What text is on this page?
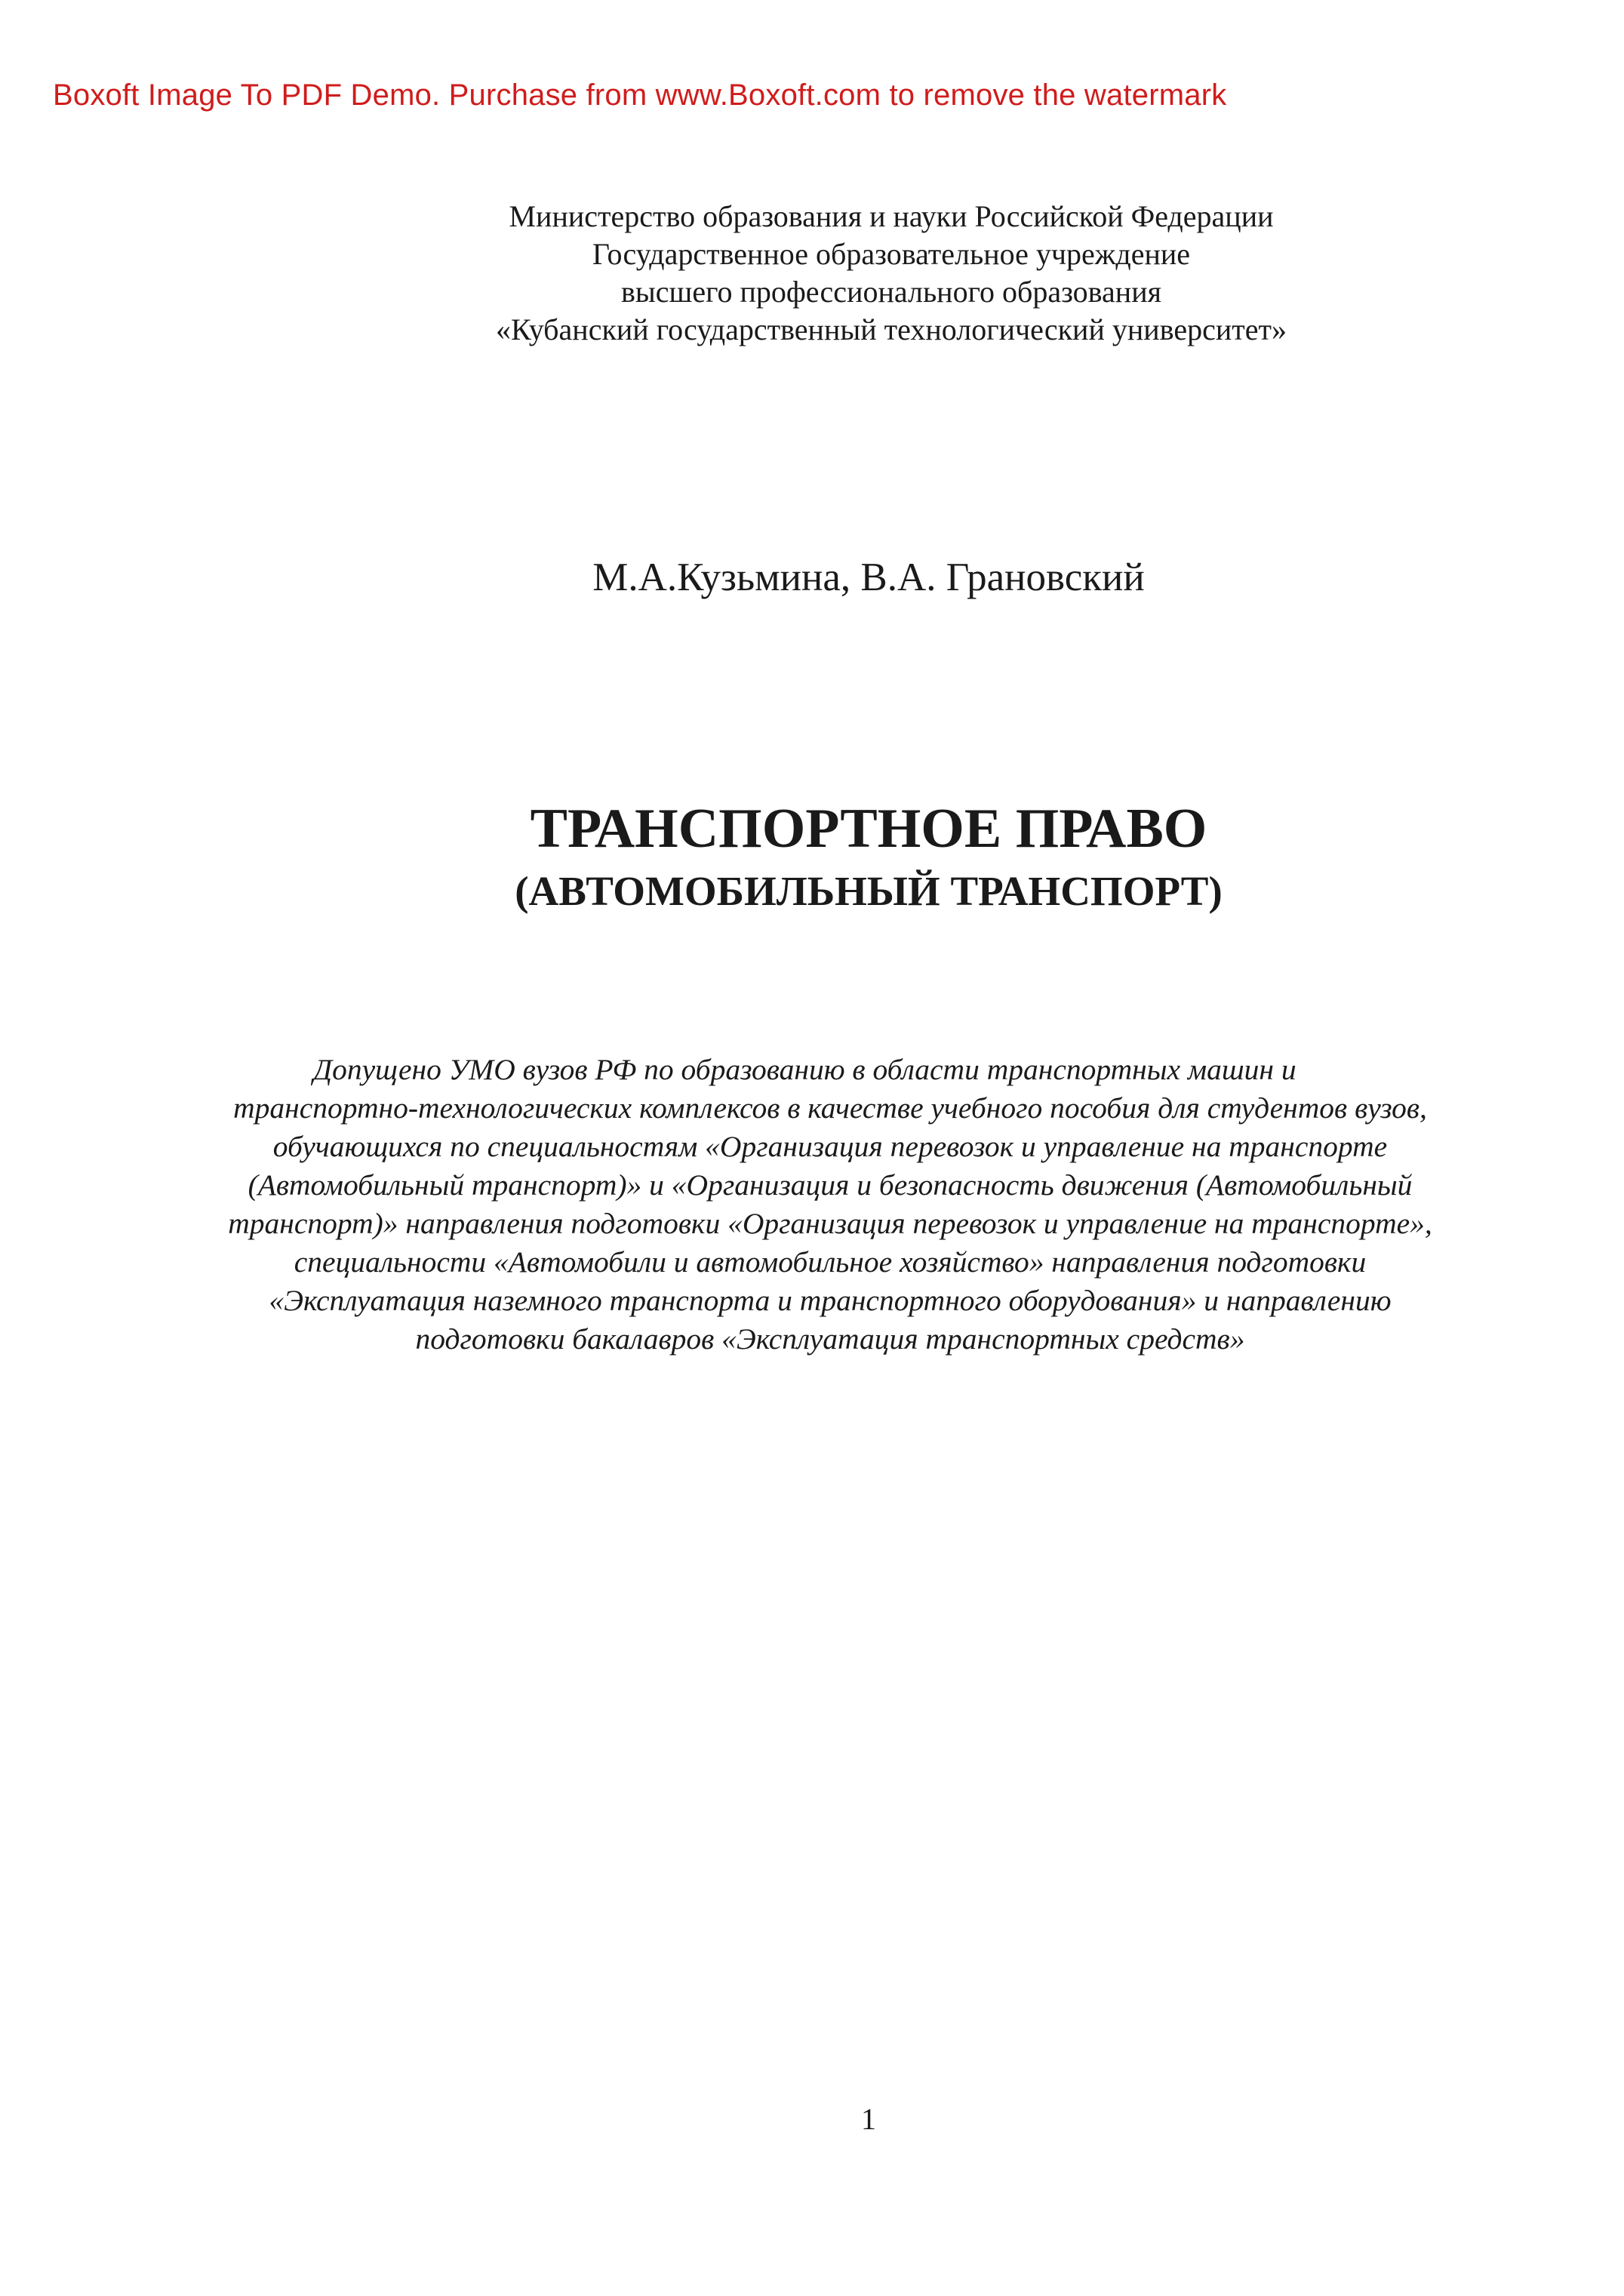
Boxoft Image To PDF Demo. Purchase from www.Boxoft.com to remove the watermark
Министерство образования и науки Российской Федерации
Государственное образовательное учреждение
высшего профессионального образования
«Кубанский государственный технологический университет»
М.А.Кузьмина, В.А. Грановский
ТРАНСПОРТНОЕ ПРАВО
(АВТОМОБИЛЬНЫЙ ТРАНСПОРТ)
Допущено УМО вузов РФ по образованию в области транспортных машин и
транспортно-технологических комплексов в качестве учебного пособия для студентов вузов,
обучающихся по специальностям «Организация перевозок и управление на транспорте
(Автомобильный транспорт)» и «Организация и безопасность движения (Автомобильный
транспорт)» направления подготовки «Организация перевозок и управление на транспорте»,
специальности «Автомобили и автомобильное хозяйство» направления подготовки
«Эксплуатация наземного транспорта и транспортного оборудования» и направлению
подготовки бакалавров «Эксплуатация транспортных средств»
1
